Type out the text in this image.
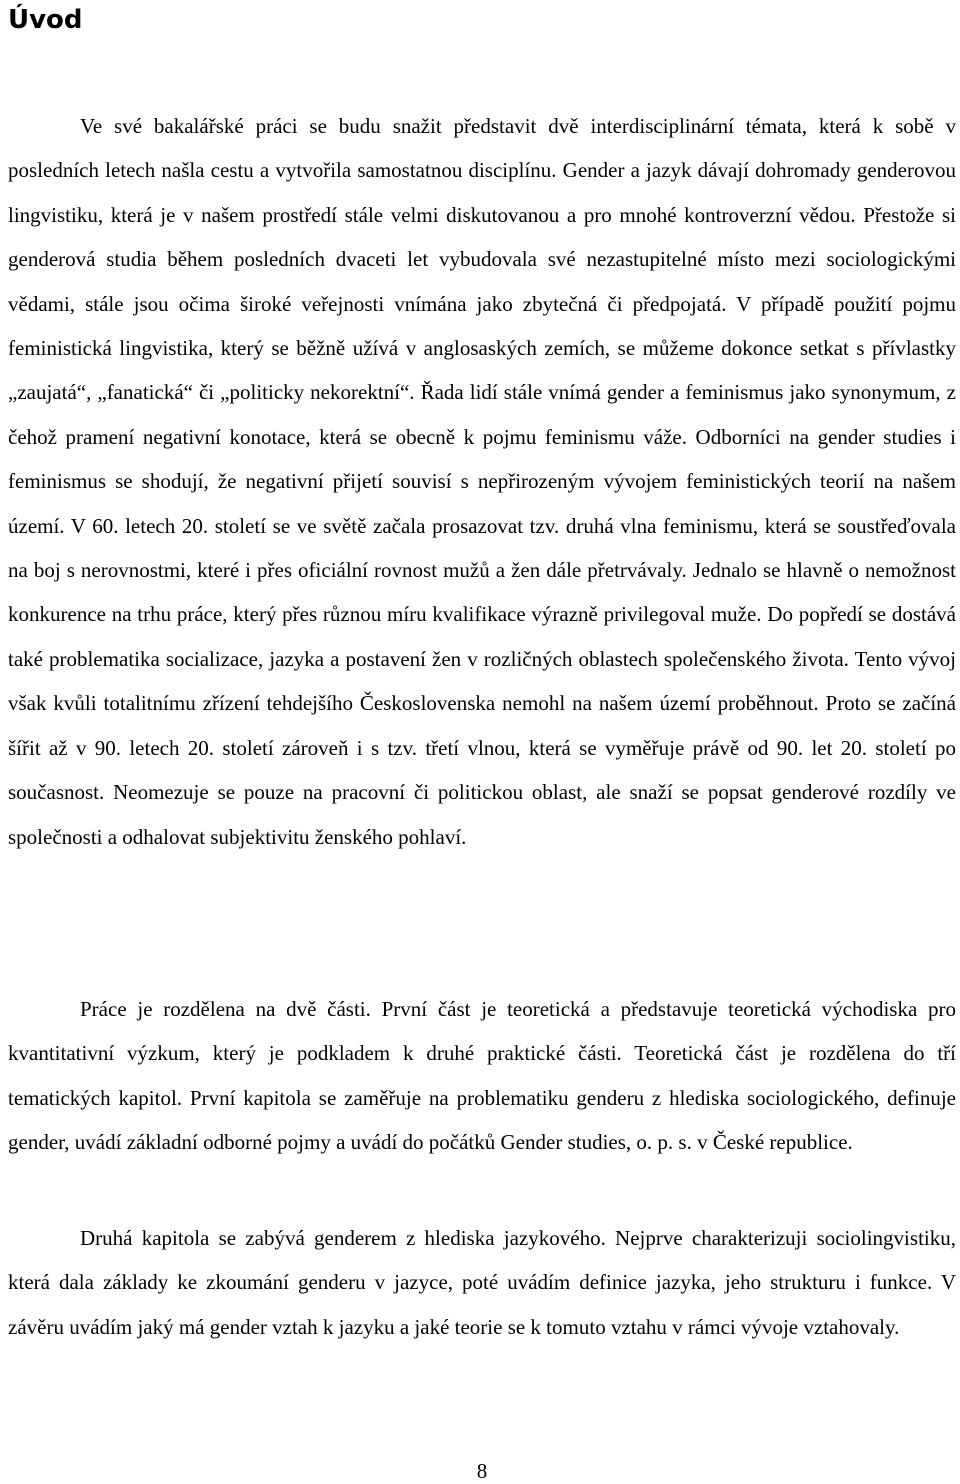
Úvod

Ve své bakalářské práci se budu snažit představit dvě interdisciplinární témata, která k sobě v posledních letech našla cestu a vytvořila samostatnou disciplínu. Gender a jazyk dávají dohromady genderovou lingvistiku, která je v našem prostředí stále velmi diskutovanou a pro mnohé kontroverzní vědou. Přestože si genderová studia během posledních dvaceti let vybudovala své nezastupitelné místo mezi sociologickými vědami, stále jsou očima široké veřejnosti vnímána jako zbytečná či předpojatá. V případě použití pojmu feministická lingvistika, který se běžně užívá v anglosaských zemích, se můžeme dokonce setkat s přívlastky „zaujatá“, „fanatická“ či „politicky nekorektní“. Řada lidí stále vnímá gender a feminismus jako synonymum, z čehož pramení negativní konotace, která se obecně k pojmu feminismu váže. Odborníci na gender studies i feminismus se shodují, že negativní přijetí souvisí s nepřirozeným vývojem feministických teorií na našem území. V 60. letech 20. století se ve světě začala prosazovat tzv. druhá vlna feminismu, která se soustřeďovala na boj s nerovnostmi, které i přes oficiální rovnost mužů a žen dále přetrvávaly. Jednalo se hlavně o nemožnost konkurence na trhu práce, který přes různou míru kvalifikace výrazně privilegoval muže. Do popředí se dostává také problematika socializace, jazyka a postavení žen v rozličných oblastech společenského života. Tento vývoj však kvůli totalitnímu zřízení tehdejšího Československa nemohl na našem území proběhnout. Proto se začíná šířit až v 90. letech 20. století zároveň i s tzv. třetí vlnou, která se vyměřuje právě od 90. let 20. století po současnost. Neomezuje se pouze na pracovní či politickou oblast, ale snaží se popsat genderové rozdíly ve společnosti a odhalovat subjektivitu ženského pohlaví.

Práce je rozdělena na dvě části. První část je teoretická a představuje teoretická východiska pro kvantitativní výzkum, který je podkladem k druhé praktické části. Teoretická část je rozdělena do tří tematických kapitol. První kapitola se zaměřuje na problematiku genderu z hlediska sociologického, definuje gender, uvádí základní odborné pojmy a uvádí do počátků Gender studies, o. p. s. v České republice.

Druhá kapitola se zabývá genderem z hlediska jazykového. Nejprve charakterizuji sociolingvistiku, která dala základy ke zkoumání genderu v jazyce, poté uvádím definice jazyka, jeho strukturu i funkce. V závěru uvádím jaký má gender vztah k jazyku a jaké teorie se k tomuto vztahu v rámci vývoje vztahovaly.

8
